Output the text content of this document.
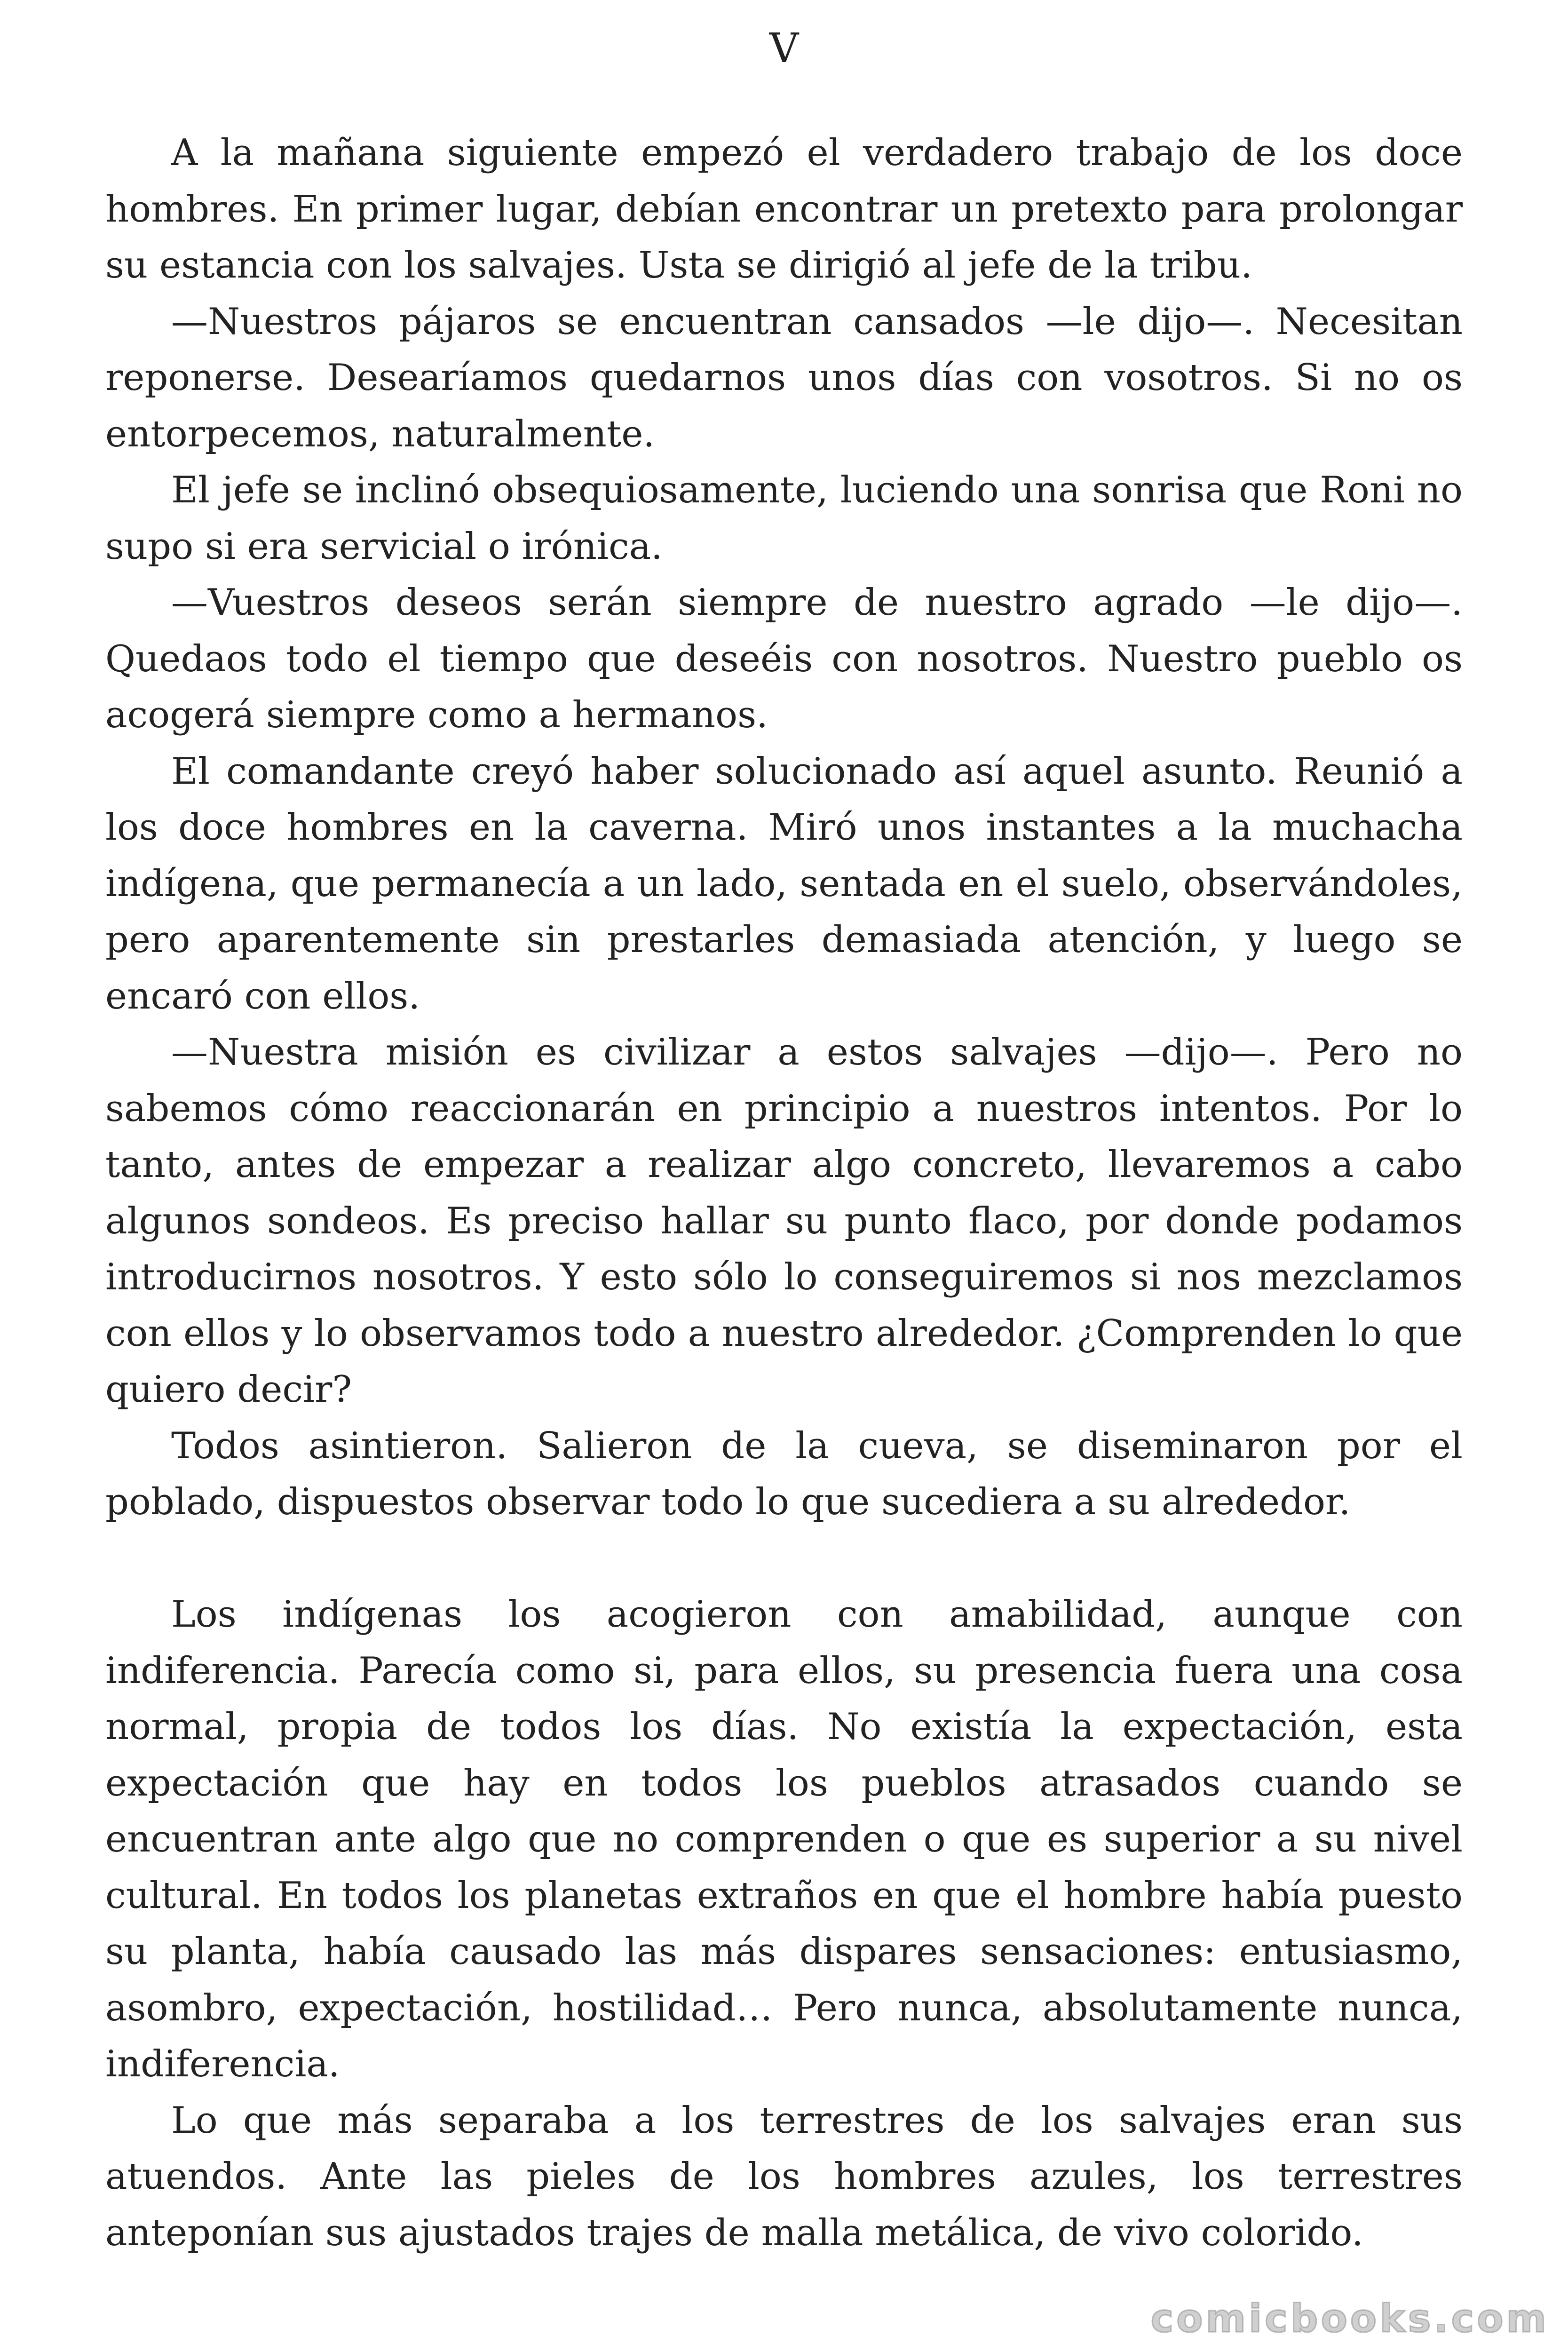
V

A la mañana siguiente empezó el verdadero trabajo de los doce hombres. En primer lugar, debían encontrar un pretexto para prolongar su estancia con los salvajes. Usta se dirigió al jefe de la tribu.

—Nuestros pájaros se encuentran cansados —le dijo—. Necesitan reponerse. Desearíamos quedarnos unos días con vosotros. Si no os entorpecemos, naturalmente.

El jefe se inclinó obsequiosamente, luciendo una sonrisa que Roni no supo si era servicial o irónica.

—Vuestros deseos serán siempre de nuestro agrado —le dijo—. Quedaos todo el tiempo que deseéis con nosotros. Nuestro pueblo os acogerá siempre como a hermanos.

El comandante creyó haber solucionado así aquel asunto. Reunió a los doce hombres en la caverna. Miró unos instantes a la muchacha indígena, que permanecía a un lado, sentada en el suelo, observándoles, pero aparentemente sin prestarles demasiada atención, y luego se encaró con ellos.

—Nuestra misión es civilizar a estos salvajes —dijo—. Pero no sabemos cómo reaccionarán en principio a nuestros intentos. Por lo tanto, antes de empezar a realizar algo concreto, llevaremos a cabo algunos sondeos. Es preciso hallar su punto flaco, por donde podamos introducirnos nosotros. Y esto sólo lo conseguiremos si nos mezclamos con ellos y lo observamos todo a nuestro alrededor. ¿Comprenden lo que quiero decir?

Todos asintieron. Salieron de la cueva, se diseminaron por el poblado, dispuestos observar todo lo que sucediera a su alrededor.

Los indígenas los acogieron con amabilidad, aunque con indiferencia. Parecía como si, para ellos, su presencia fuera una cosa normal, propia de todos los días. No existía la expectación, esta expectación que hay en todos los pueblos atrasados cuando se encuentran ante algo que no comprenden o que es superior a su nivel cultural. En todos los planetas extraños en que el hombre había puesto su planta, había causado las más dispares sensaciones: entusiasmo, asombro, expectación, hostilidad… Pero nunca, absolutamente nunca, indiferencia.

Lo que más separaba a los terrestres de los salvajes eran sus atuendos. Ante las pieles de los hombres azules, los terrestres anteponían sus ajustados trajes de malla metálica, de vivo colorido.

comicbooks.com
